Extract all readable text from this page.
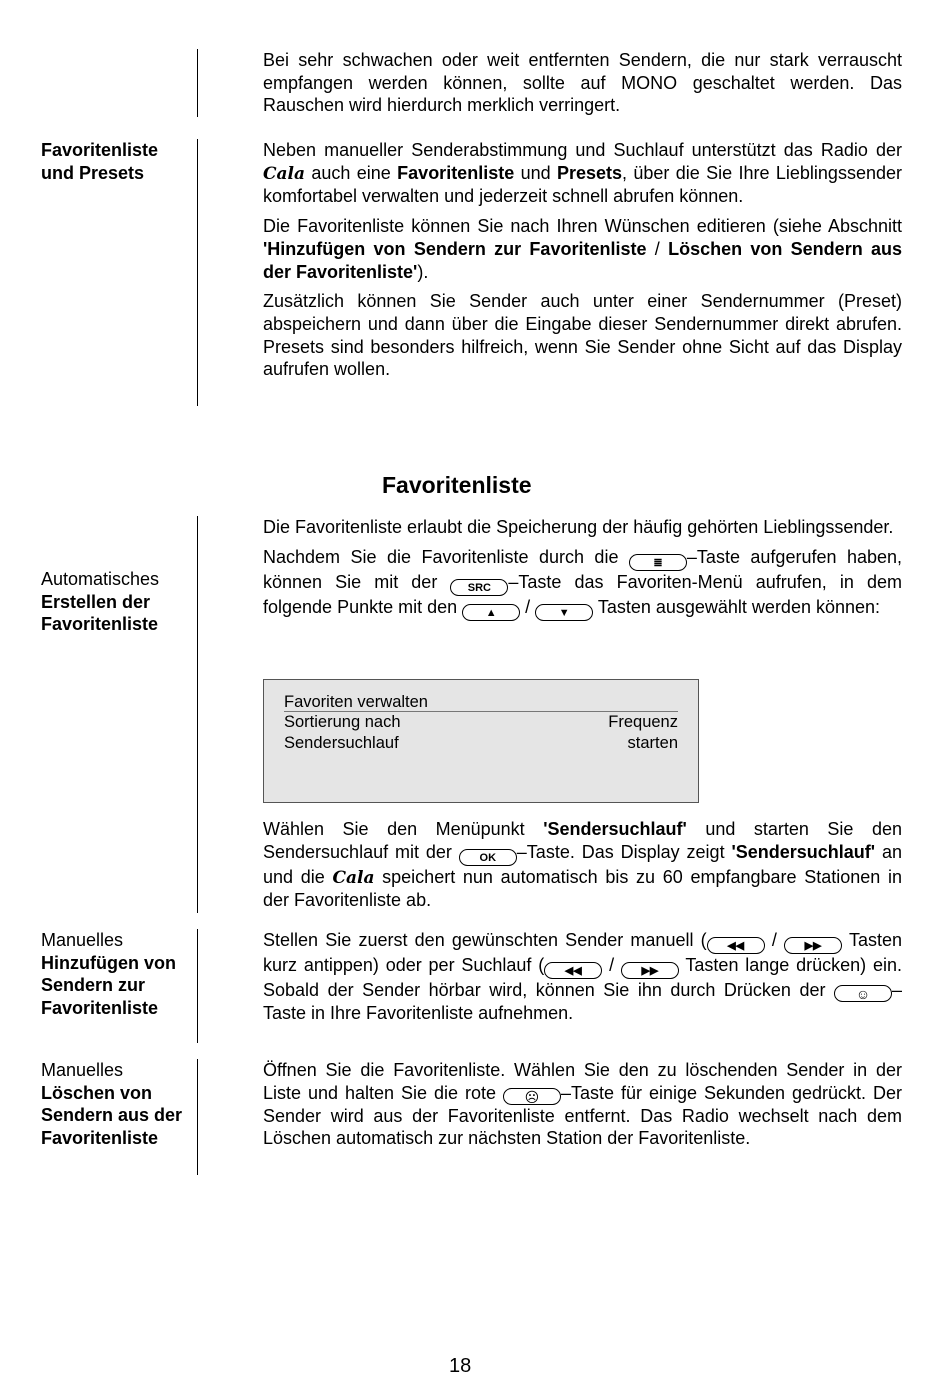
Bei sehr schwachen oder weit entfernten Sendern, die nur stark verrauscht empfangen werden können, sollte auf MONO geschaltet werden. Das Rauschen wird hierdurch merklich verringert.

Favoritenliste und Presets

Neben manueller Senderabstimmung und Suchlauf unterstützt das Radio der Cala auch eine Favoritenliste und Presets, über die Sie Ihre Lieblingssender komfortabel verwalten und jederzeit schnell abrufen können.

Die Favoritenliste können Sie nach Ihren Wünschen editieren (siehe Abschnitt 'Hinzufügen von Sendern zur Favoritenliste / Löschen von Sendern aus der Favoritenliste').

Zusätzlich können Sie Sender auch unter einer Sendernummer (Preset) abspeichern und dann über die Eingabe dieser Sendernummer direkt abrufen. Presets sind besonders hilfreich, wenn Sie Sender ohne Sicht auf das Display aufrufen wollen.

Favoritenliste
Automatisches
Erstellen der Favoritenliste

Die Favoritenliste erlaubt die Speicherung der häufig gehörten Lieblingssender.

Nachdem Sie die Favoritenliste durch die ≣ –Taste aufgerufen haben, können Sie mit der SRC –Taste das Favoriten-Menü aufrufen, in dem folgende Punkte mit den ▲ / ▼ Tasten ausgewählt werden können:

Favoriten verwalten
Sortierung nach	Frequenz
Sendersuchlauf	starten

Wählen Sie den Menüpunkt 'Sendersuchlauf' und starten Sie den Sendersuchlauf mit der OK –Taste. Das Display zeigt 'Sendersuchlauf' an und die Cala speichert nun automatisch bis zu 60 empfangbare Stationen in der Favoritenliste ab.

Manuelles
Hinzufügen von Sendern zur Favoritenliste

Stellen Sie zuerst den gewünschten Sender manuell ( ◀◀ / ▶▶ Tasten kurz antippen) oder per Suchlauf ( ◀◀ / ▶▶ Tasten lange drücken) ein. Sobald der Sender hörbar wird, können Sie ihn durch Drücken der ☺ –Taste in Ihre Favoritenliste aufnehmen.

Manuelles
Löschen von Sendern aus der Favoritenliste

Öffnen Sie die Favoritenliste. Wählen Sie den zu löschenden Sender in der Liste und halten Sie die rote ☹ –Taste für einige Sekunden gedrückt. Der Sender wird aus der Favoritenliste entfernt. Das Radio wechselt nach dem Löschen automatisch zur nächsten Station der Favoritenliste.

18
